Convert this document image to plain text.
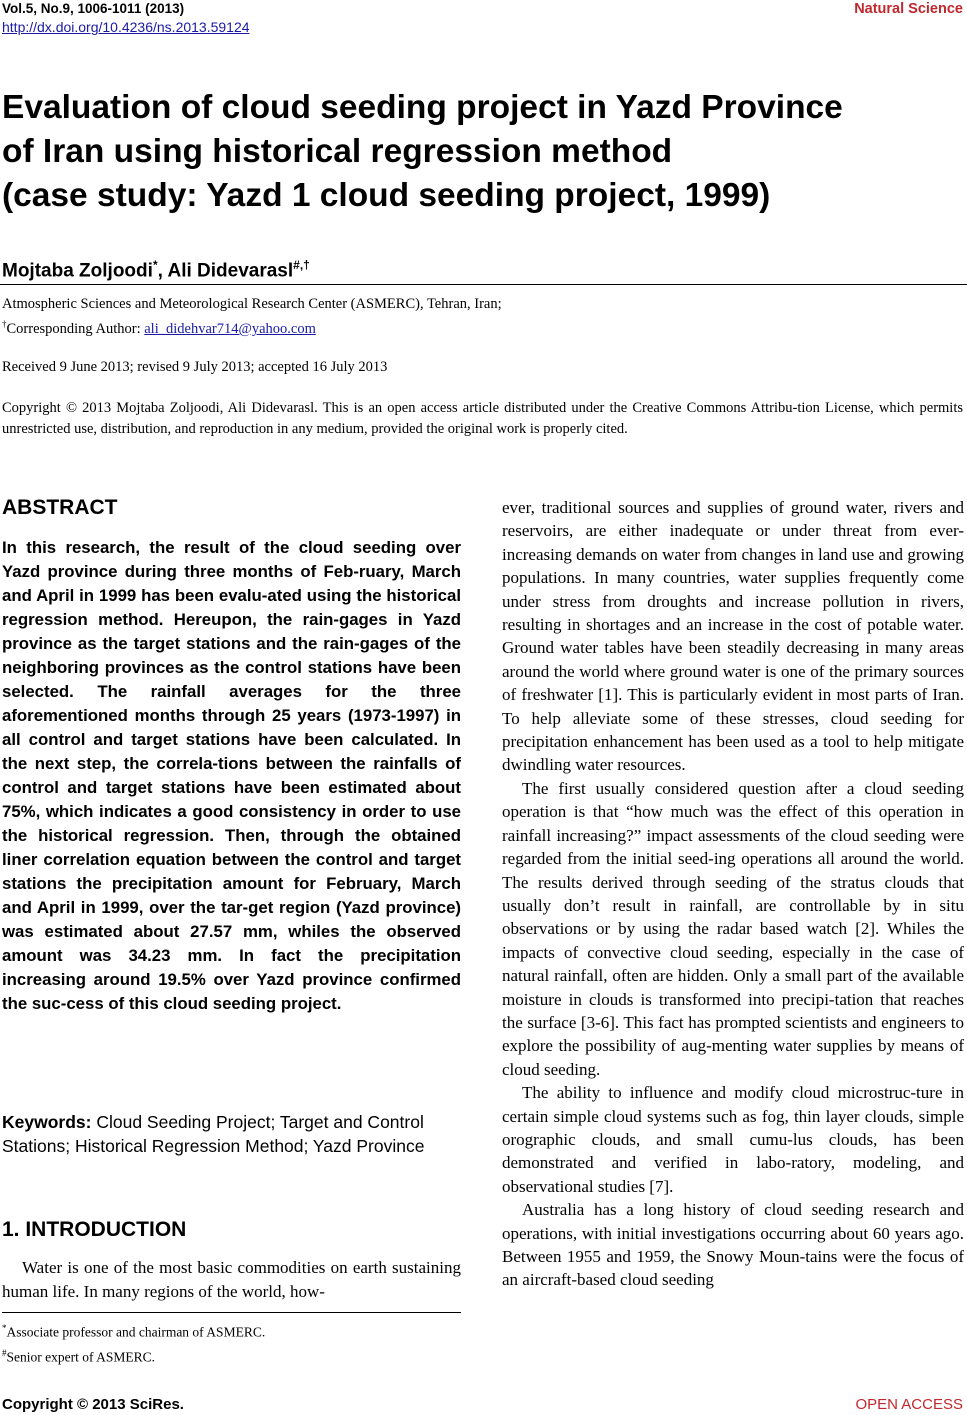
Vol.5, No.9, 1006-1011 (2013)
http://dx.doi.org/10.4236/ns.2013.59124
Natural Science
Evaluation of cloud seeding project in Yazd Province
of Iran using historical regression method
(case study: Yazd 1 cloud seeding project, 1999)
Mojtaba Zoljoodi*, Ali Didevarasl#,†
Atmospheric Sciences and Meteorological Research Center (ASMERC), Tehran, Iran;
†Corresponding Author: ali_didehvar714@yahoo.com
Received 9 June 2013; revised 9 July 2013; accepted 16 July 2013
Copyright © 2013 Mojtaba Zoljoodi, Ali Didevarasl. This is an open access article distributed under the Creative Commons Attribu-tion License, which permits unrestricted use, distribution, and reproduction in any medium, provided the original work is properly cited.
ABSTRACT
In this research, the result of the cloud seeding over Yazd province during three months of Feb-ruary, March and April in 1999 has been evalu-ated using the historical regression method. Hereupon, the rain-gages in Yazd province as the target stations and the rain-gages of the neighboring provinces as the control stations have been selected. The rainfall averages for the three aforementioned months through 25 years (1973-1997) in all control and target stations have been calculated. In the next step, the correla-tions between the rainfalls of control and target stations have been estimated about 75%, which indicates a good consistency in order to use the historical regression. Then, through the obtained liner correlation equation between the control and target stations the precipitation amount for February, March and April in 1999, over the tar-get region (Yazd province) was estimated about 27.57 mm, whiles the observed amount was 34.23 mm. In fact the precipitation increasing around 19.5% over Yazd province confirmed the suc-cess of this cloud seeding project.
Keywords: Cloud Seeding Project; Target and Control Stations; Historical Regression Method; Yazd Province
1. INTRODUCTION
Water is one of the most basic commodities on earth sustaining human life. In many regions of the world, how-
*Associate professor and chairman of ASMERC.
#Senior expert of ASMERC.

ever, traditional sources and supplies of ground water, rivers and reservoirs, are either inadequate or under threat from ever-increasing demands on water from changes in land use and growing populations. In many countries, water supplies frequently come under stress from droughts and increase pollution in rivers, resulting in shortages and an increase in the cost of potable water. Ground water tables have been steadily decreasing in many areas around the world where ground water is one of the primary sources of freshwater [1]. This is particularly evident in most parts of Iran. To help alleviate some of these stresses, cloud seeding for precipitation enhancement has been used as a tool to help mitigate dwindling water resources.

The first usually considered question after a cloud seeding operation is that “how much was the effect of this operation in rainfall increasing?” impact assessments of the cloud seeding were regarded from the initial seed-ing operations all around the world. The results derived through seeding of the stratus clouds that usually don’t result in rainfall, are controllable by in situ observations or by using the radar based watch [2]. Whiles the impacts of convective cloud seeding, especially in the case of natural rainfall, often are hidden. Only a small part of the available moisture in clouds is transformed into precipi-tation that reaches the surface [3-6]. This fact has prompted scientists and engineers to explore the possibility of aug-menting water supplies by means of cloud seeding.

The ability to influence and modify cloud microstruc-ture in certain simple cloud systems such as fog, thin layer clouds, simple orographic clouds, and small cumu-lus clouds, has been demonstrated and verified in labo-ratory, modeling, and observational studies [7].

Australia has a long history of cloud seeding research and operations, with initial investigations occurring about 60 years ago. Between 1955 and 1959, the Snowy Moun-tains were the focus of an aircraft-based cloud seeding

Copyright © 2013 SciRes.	OPEN ACCESS
